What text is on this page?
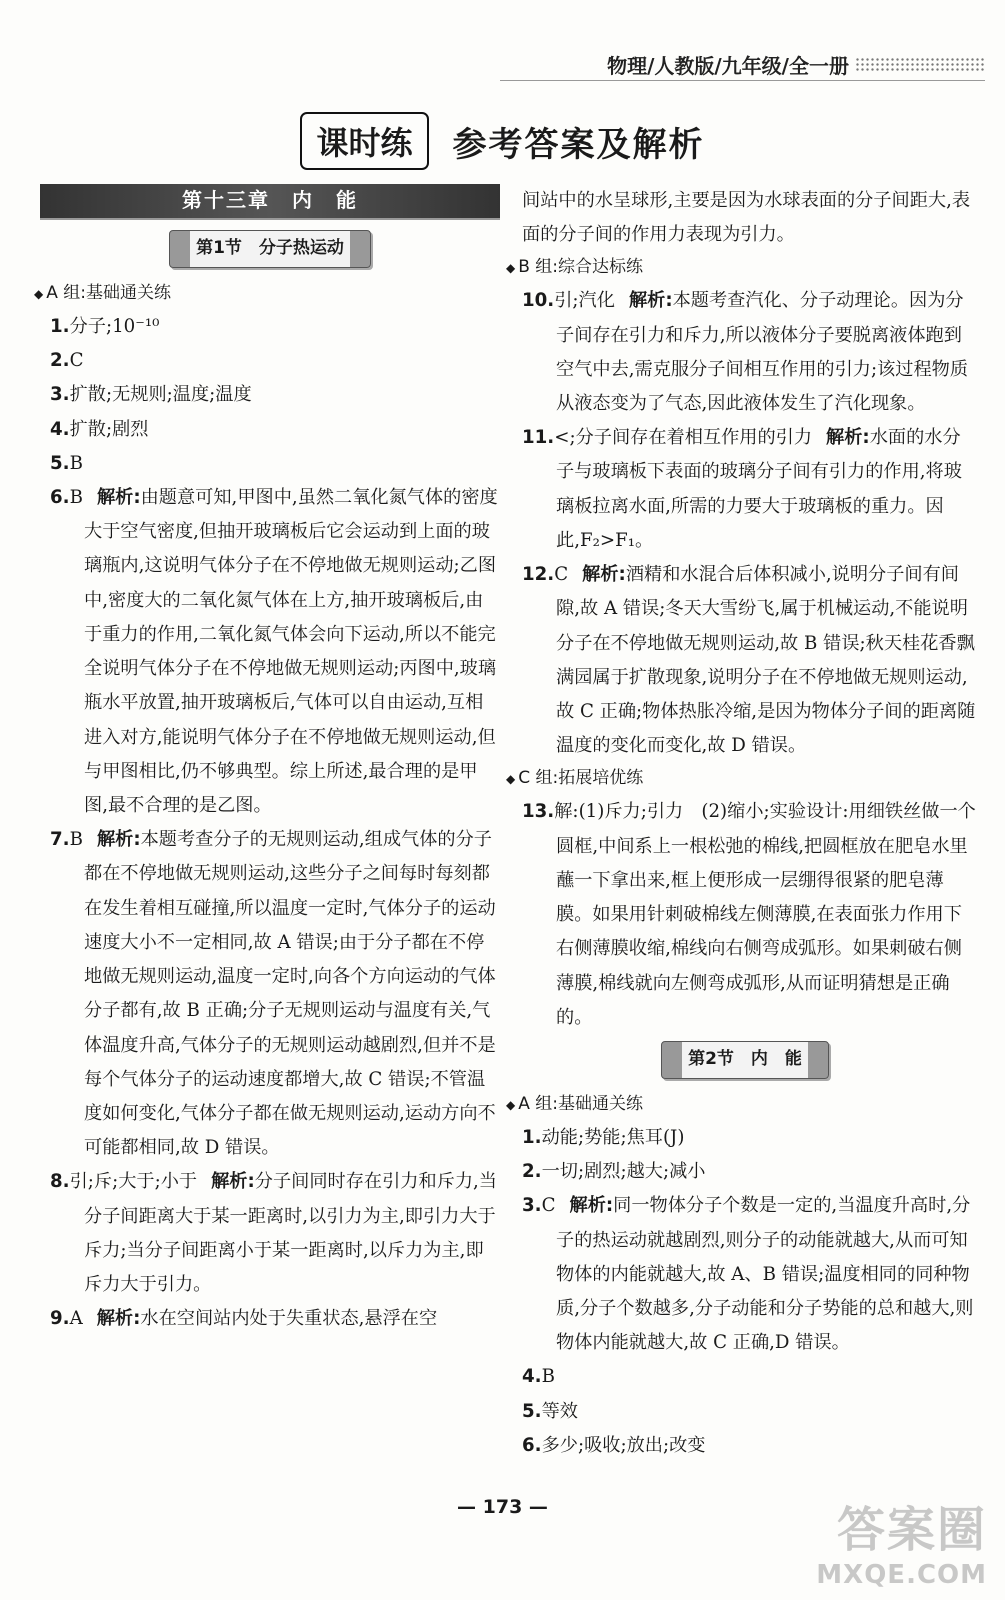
物理/人教版/九年级/全一册
课时练	参考答案及解析
第十三章　内　能
第1节　分子热运动
◆ A 组:基础通关练
1.分子;10⁻¹⁰
2.C
3.扩散;无规则;温度;温度
4.扩散;剧烈
5.B
6.B 解析:由题意可知,甲图中,虽然二氧化氮气体的密度大于空气密度,但抽开玻璃板后它会运动到上面的玻璃瓶内,这说明气体分子在不停地做无规则运动;乙图中,密度大的二氧化氮气体在上方,抽开玻璃板后,由于重力的作用,二氧化氮气体会向下运动,所以不能完全说明气体分子在不停地做无规则运动;丙图中,玻璃瓶水平放置,抽开玻璃板后,气体可以自由运动,互相进入对方,能说明气体分子在不停地做无规则运动,但与甲图相比,仍不够典型。综上所述,最合理的是甲图,最不合理的是乙图。
7.B 解析:本题考查分子的无规则运动,组成气体的分子都在不停地做无规则运动,这些分子之间每时每刻都在发生着相互碰撞,所以温度一定时,气体分子的运动速度大小不一定相同,故 A 错误;由于分子都在不停地做无规则运动,温度一定时,向各个方向运动的气体分子都有,故 B 正确;分子无规则运动与温度有关,气体温度升高,气体分子的无规则运动越剧烈,但并不是每个气体分子的运动速度都增大,故 C 错误;不管温度如何变化,气体分子都在做无规则运动,运动方向不可能都相同,故 D 错误。
8.引;斥;大于;小于 解析:分子间同时存在引力和斥力,当分子间距离大于某一距离时,以引力为主,即引力大于斥力;当分子间距离小于某一距离时,以斥力为主,即斥力大于引力。
9.A 解析:水在空间站内处于失重状态,悬浮在空
间站中的水呈球形,主要是因为水球表面的分子间距大,表面的分子间的作用力表现为引力。
◆ B 组:综合达标练
10.引;汽化 解析:本题考查汽化、分子动理论。因为分子间存在引力和斥力,所以液体分子要脱离液体跑到空气中去,需克服分子间相互作用的引力;该过程物质从液态变为了气态,因此液体发生了汽化现象。
11.<;分子间存在着相互作用的引力 解析:水面的水分子与玻璃板下表面的玻璃分子间有引力的作用,将玻璃板拉离水面,所需的力要大于玻璃板的重力。因此,F₂>F₁。
12.C 解析:酒精和水混合后体积减小,说明分子间有间隙,故 A 错误;冬天大雪纷飞,属于机械运动,不能说明分子在不停地做无规则运动,故 B 错误;秋天桂花香飘满园属于扩散现象,说明分子在不停地做无规则运动,故 C 正确;物体热胀冷缩,是因为物体分子间的距离随温度的变化而变化,故 D 错误。
◆ C 组:拓展培优练
13.解:(1)斥力;引力　(2)缩小;实验设计:用细铁丝做一个圆框,中间系上一根松弛的棉线,把圆框放在肥皂水里蘸一下拿出来,框上便形成一层绷得很紧的肥皂薄膜。如果用针刺破棉线左侧薄膜,在表面张力作用下右侧薄膜收缩,棉线向右侧弯成弧形。如果刺破右侧薄膜,棉线就向左侧弯成弧形,从而证明猜想是正确的。
第2节　内　能
◆ A 组:基础通关练
1.动能;势能;焦耳(J)
2.一切;剧烈;越大;减小
3.C 解析:同一物体分子个数是一定的,当温度升高时,分子的热运动就越剧烈,则分子的动能就越大,从而可知物体的内能就越大,故 A、B 错误;温度相同的同种物质,分子个数越多,分子动能和分子势能的总和越大,则物体内能就越大,故 C 正确,D 错误。
4.B
5.等效
6.多少;吸收;放出;改变
— 173 —	答案圈
MXQE.COM
